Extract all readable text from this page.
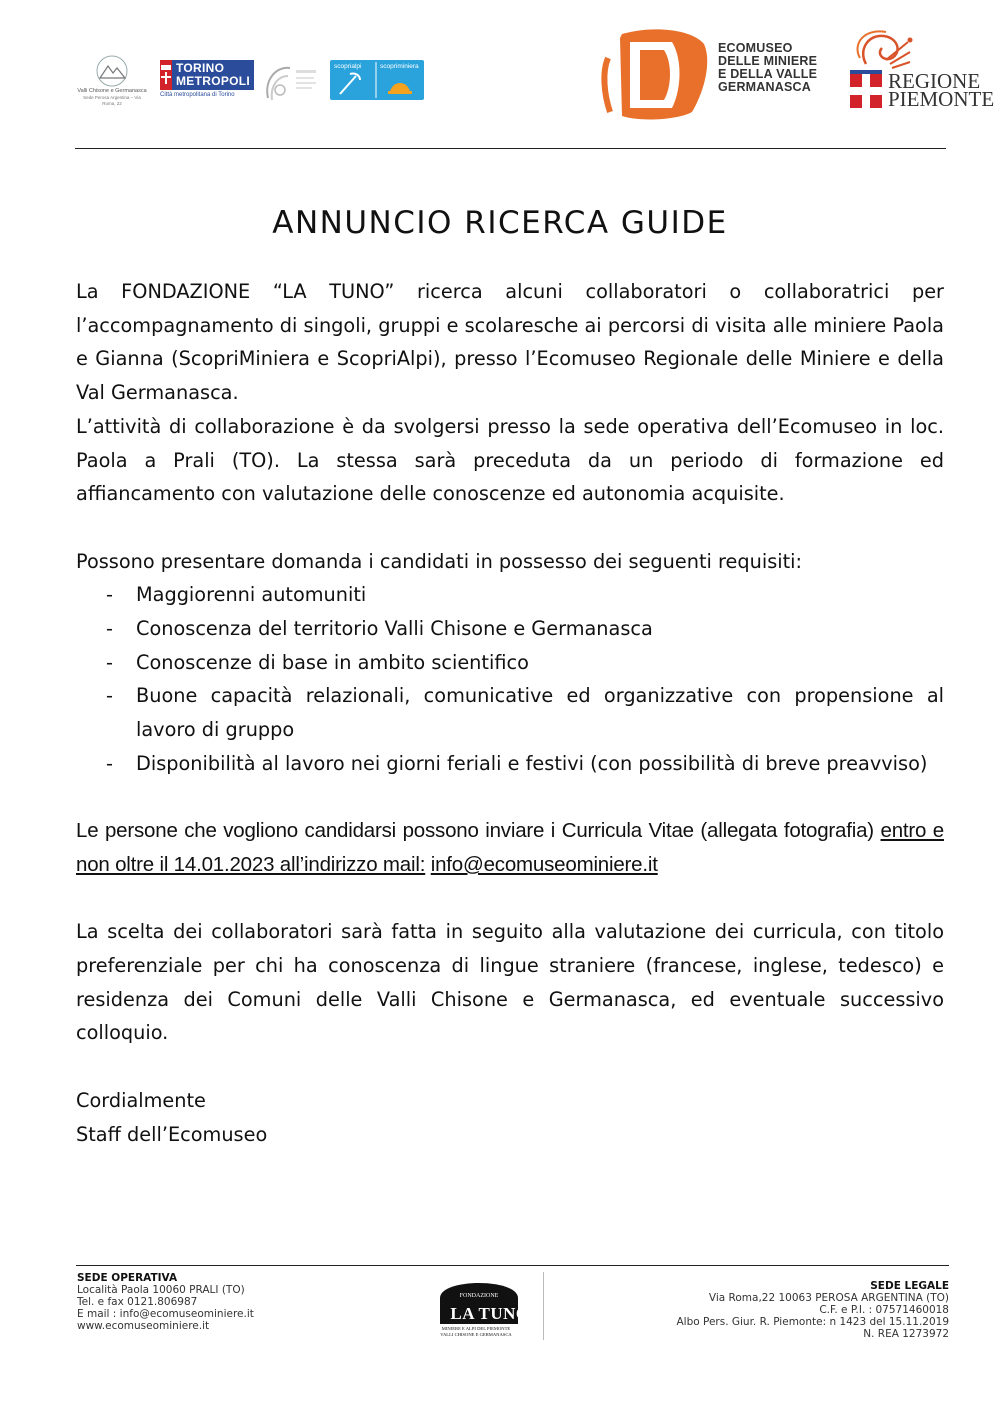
Valli Chisone e Germanasca
Sede Perosa Argentina – Via Roma, 22
TORINO
METROPOLI
Città metropolitana di Torino
scoprialpi	scopriminiera
ECOMUSEO
DELLE MINIERE
E DELLA VALLE
GERMANASCA	REGIONE
PIEMONTE
ANNUNCIO RICERCA GUIDE

La FONDAZIONE “LA TUNO” ricerca alcuni collaboratori o collaboratrici per l’accompagnamento di singoli, gruppi e scolaresche ai percorsi di visita alle miniere Paola e Gianna (ScopriMiniera e ScopriAlpi), presso l’Ecomuseo Regionale delle Miniere e della Val Germanasca.

L’attività di collaborazione è da svolgersi presso la sede operativa dell’Ecomuseo in loc. Paola a Prali (TO). La stessa sarà preceduta da un periodo di formazione ed affiancamento con valutazione delle conoscenze ed autonomia acquisite.

Possono presentare domanda i candidati in possesso dei seguenti requisiti:

- Maggiorenni automuniti
- Conoscenza del territorio Valli Chisone e Germanasca
- Conoscenze di base in ambito scientifico
- Buone capacità relazionali, comunicative ed organizzative con propensione al lavoro di gruppo
- Disponibilità al lavoro nei giorni feriali e festivi (con possibilità di breve preavviso)

Le persone che vogliono candidarsi possono inviare i Curricula Vitae (allegata fotografia) entro e non oltre il 14.01.2023 all’indirizzo mail: info@ecomuseominiere.it

La scelta dei collaboratori sarà fatta in seguito alla valutazione dei curricula, con titolo preferenziale per chi ha conoscenza di lingue straniere (francese, inglese, tedesco) e residenza dei Comuni delle Valli Chisone e Germanasca, ed eventuale successivo colloquio.

Cordialmente

Staff dell’Ecomuseo

SEDE OPERATIVA
Località Paola 10060 PRALI (TO)
Tel. e fax 0121.806987
E mail : info@ecomuseominiere.it
www.ecomuseominiere.it
FONDAZIONE
LA TUNO
MINIERE E ALPI DEL PIEMONTE
VALLI CHISONE E GERMANASCA
SEDE LEGALE
Via Roma,22 10063 PEROSA ARGENTINA (TO)
C.F. e P.I. : 07571460018
Albo Pers. Giur. R. Piemonte: n 1423 del 15.11.2019
N. REA 1273972
